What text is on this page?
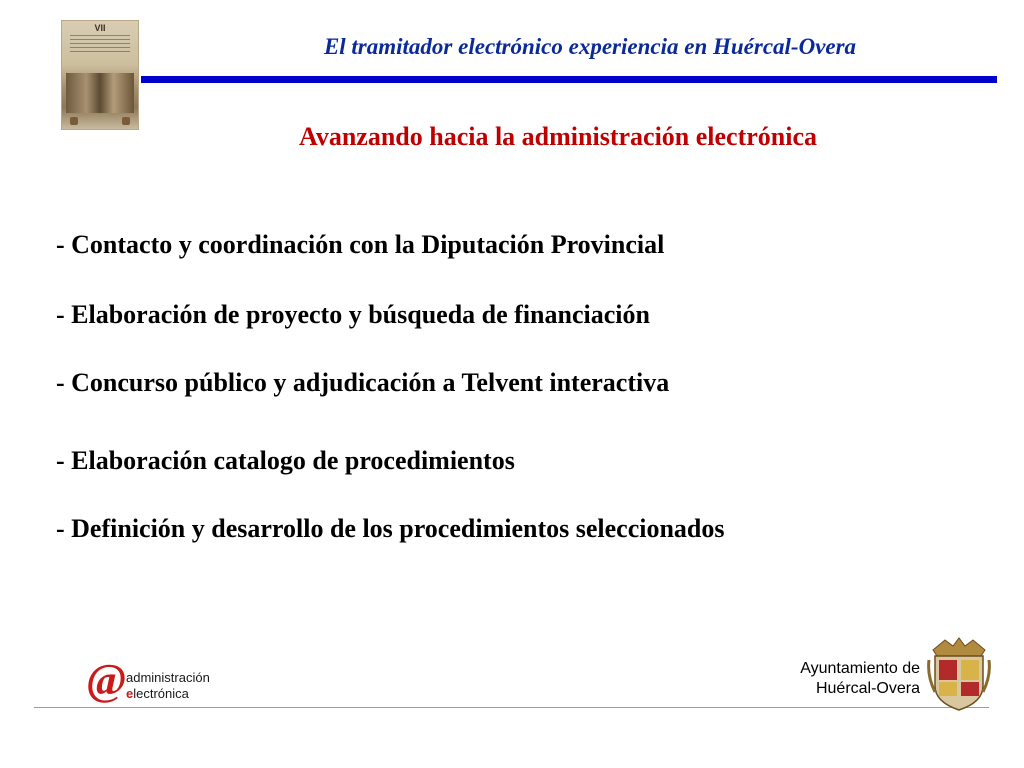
VII
El tramitador electrónico experiencia en Huércal-Overa
Avanzando hacia la administración electrónica
- Contacto y coordinación con la Diputación Provincial
- Elaboración de proyecto y búsqueda de financiación
- Concurso público y adjudicación a Telvent interactiva
- Elaboración catalogo de procedimientos
- Definición y desarrollo de los procedimientos seleccionados
@ administración
electrónica
Ayuntamiento de
Huércal-Overa
